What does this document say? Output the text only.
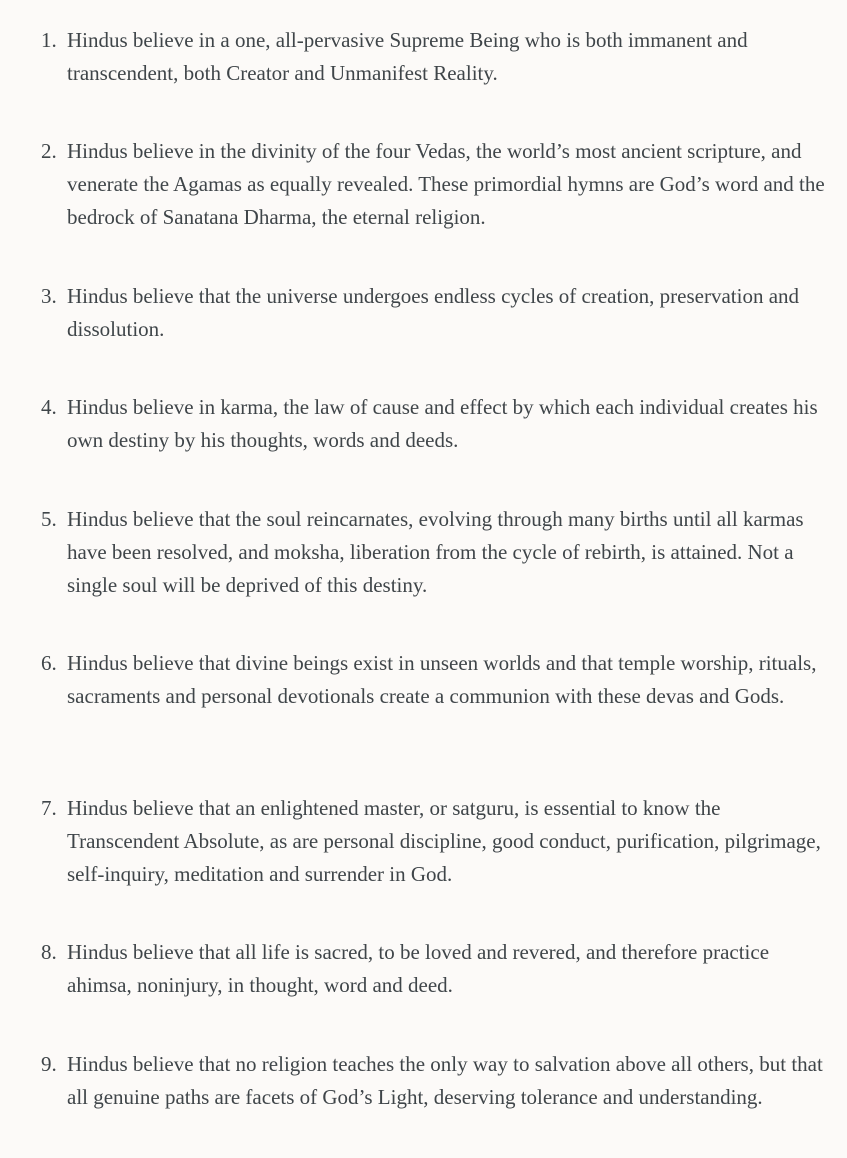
1. Hindus believe in a one, all-pervasive Supreme Being who is both immanent and transcendent, both Creator and Unmanifest Reality.

2. Hindus believe in the divinity of the four Vedas, the world’s most ancient scripture, and venerate the Agamas as equally revealed. These primordial hymns are God’s word and the bedrock of Sanatana Dharma, the eternal religion.

3. Hindus believe that the universe undergoes endless cycles of creation, preservation and dissolution.

4. Hindus believe in karma, the law of cause and effect by which each individual creates his own destiny by his thoughts, words and deeds.

5. Hindus believe that the soul reincarnates, evolving through many births until all karmas have been resolved, and moksha, liberation from the cycle of rebirth, is attained. Not a single soul will be deprived of this destiny.

6. Hindus believe that divine beings exist in unseen worlds and that temple worship, rituals, sacraments and personal devotionals create a communion with these devas and Gods.

7. Hindus believe that an enlightened master, or satguru, is essential to know the Transcendent Absolute, as are personal discipline, good conduct, purification, pilgrimage, self-inquiry, meditation and surrender in God.

8. Hindus believe that all life is sacred, to be loved and revered, and therefore practice ahimsa, noninjury, in thought, word and deed.

9. Hindus believe that no religion teaches the only way to salvation above all others, but that all genuine paths are facets of God’s Light, deserving tolerance and understanding.
